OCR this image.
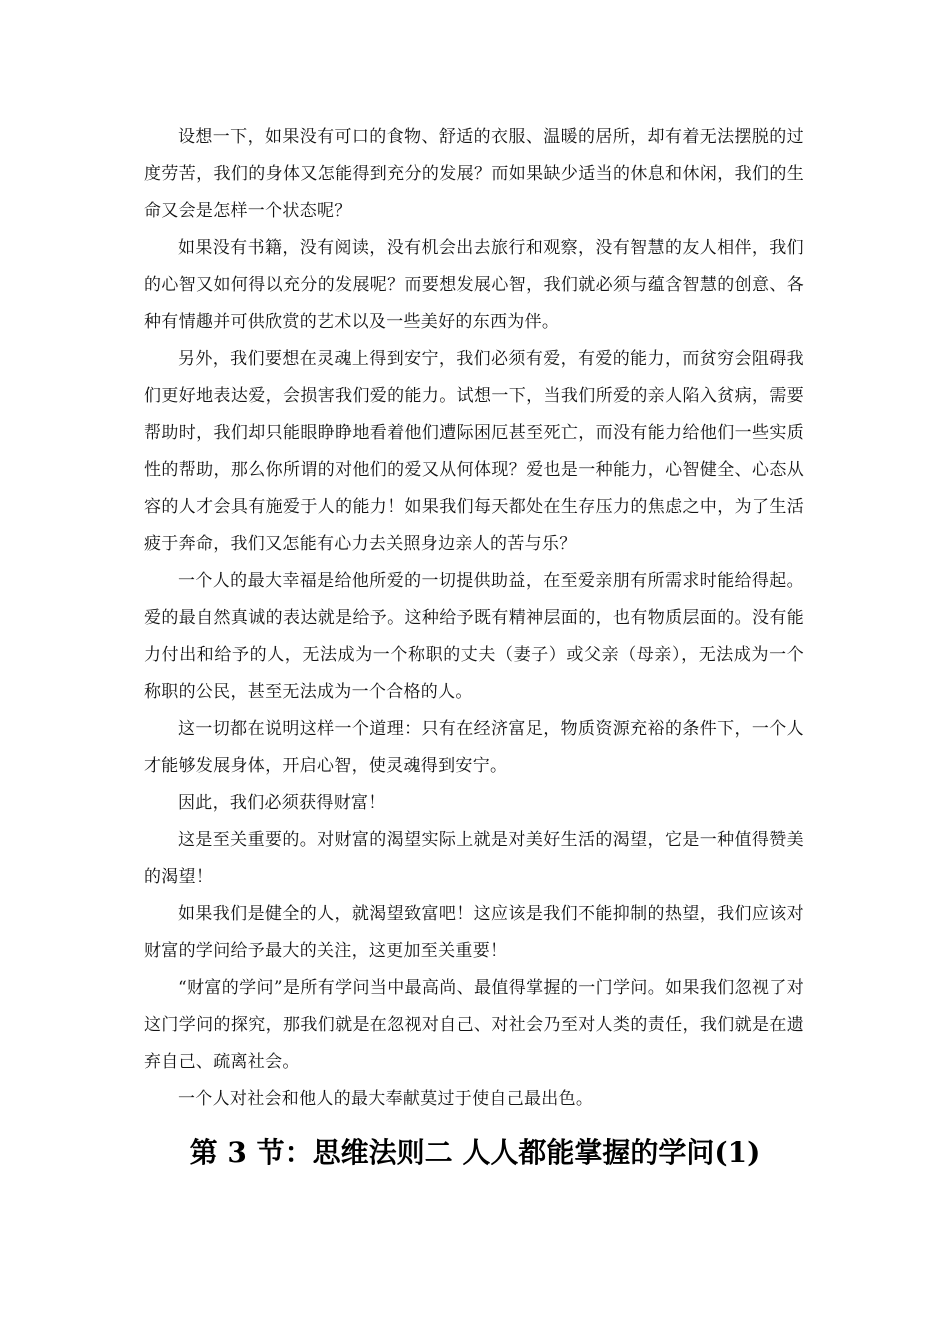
设想一下，如果没有可口的食物、舒适的衣服、温暖的居所，却有着无法摆脱的过度劳苦，我们的身体又怎能得到充分的发展？而如果缺少适当的休息和休闲，我们的生命又会是怎样一个状态呢？

如果没有书籍，没有阅读，没有机会出去旅行和观察，没有智慧的友人相伴，我们的心智又如何得以充分的发展呢？而要想发展心智，我们就必须与蕴含智慧的创意、各种有情趣并可供欣赏的艺术以及一些美好的东西为伴。

另外，我们要想在灵魂上得到安宁，我们必须有爱，有爱的能力，而贫穷会阻碍我们更好地表达爱，会损害我们爱的能力。试想一下，当我们所爱的亲人陷入贫病，需要帮助时，我们却只能眼睁睁地看着他们遭际困厄甚至死亡，而没有能力给他们一些实质性的帮助，那么你所谓的对他们的爱又从何体现？爱也是一种能力，心智健全、心态从容的人才会具有施爱于人的能力！如果我们每天都处在生存压力的焦虑之中，为了生活疲于奔命，我们又怎能有心力去关照身边亲人的苦与乐？

一个人的最大幸福是给他所爱的一切提供助益，在至爱亲朋有所需求时能给得起。爱的最自然真诚的表达就是给予。这种给予既有精神层面的，也有物质层面的。没有能力付出和给予的人，无法成为一个称职的丈夫（妻子）或父亲（母亲），无法成为一个称职的公民，甚至无法成为一个合格的人。

这一切都在说明这样一个道理：只有在经济富足，物质资源充裕的条件下，一个人才能够发展身体，开启心智，使灵魂得到安宁。

因此，我们必须获得财富！

这是至关重要的。对财富的渴望实际上就是对美好生活的渴望，它是一种值得赞美的渴望！

如果我们是健全的人，就渴望致富吧！这应该是我们不能抑制的热望，我们应该对财富的学问给予最大的关注，这更加至关重要！

“财富的学问”是所有学问当中最高尚、最值得掌握的一门学问。如果我们忽视了对这门学问的探究，那我们就是在忽视对自己、对社会乃至对人类的责任，我们就是在遗弃自己、疏离社会。

一个人对社会和他人的最大奉献莫过于使自己最出色。

第 3 节：思维法则二 人人都能掌握的学问(1)
